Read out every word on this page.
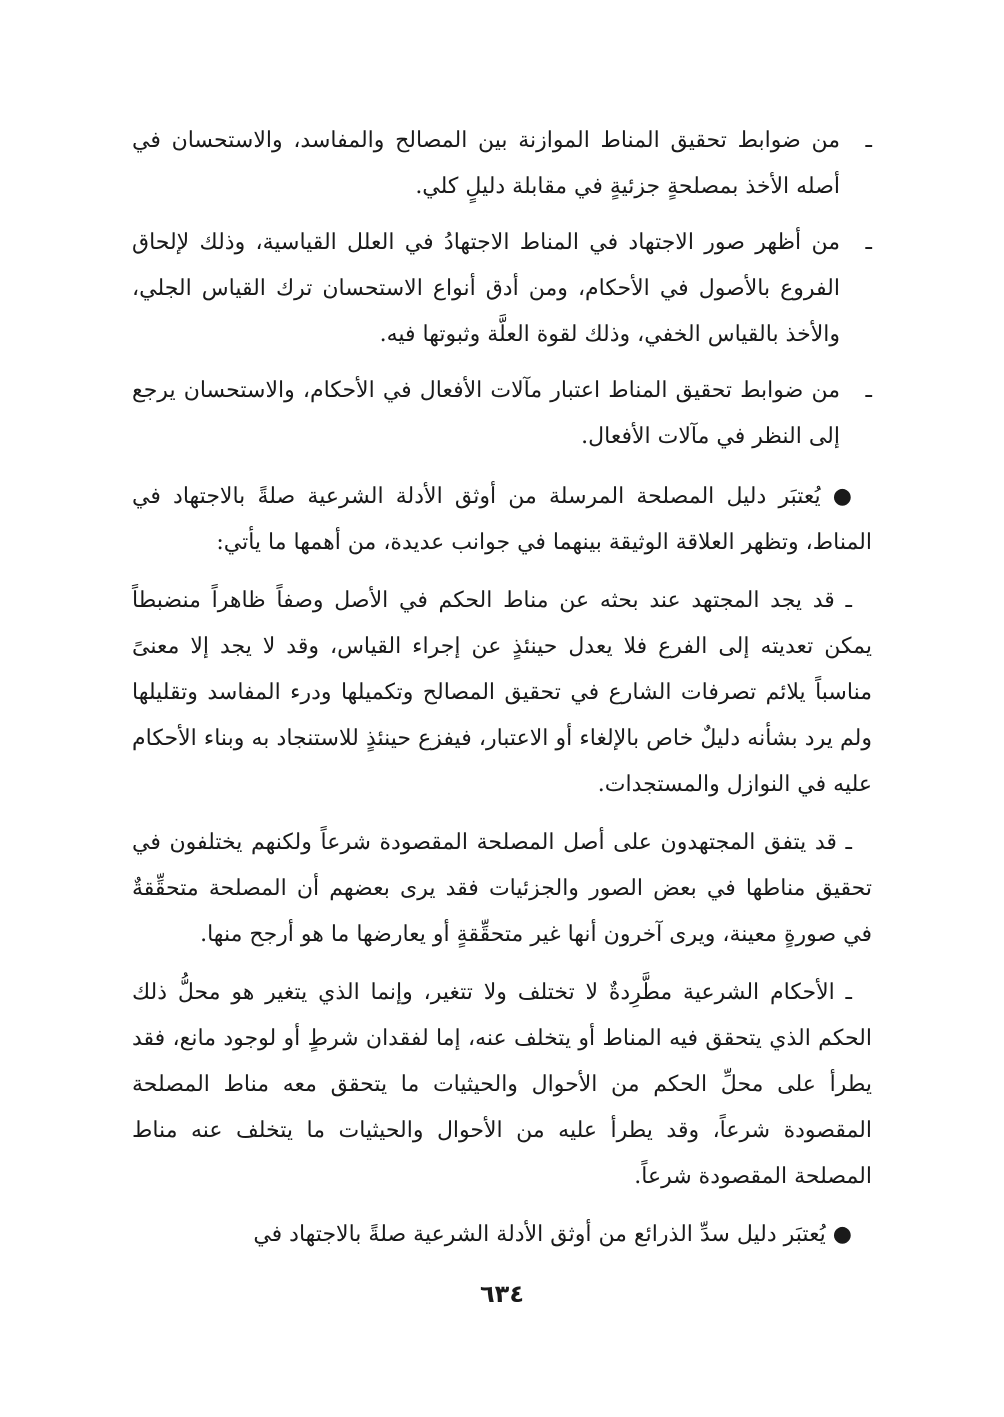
ـ
من ضوابط تحقيق المناط الموازنة بين المصالح والمفاسد، والاستحسان في أصله الأخذ بمصلحةٍ جزئيةٍ في مقابلة دليلٍ كلي.
ـ
من أظهر صور الاجتهاد في المناط الاجتهادُ في العلل القياسية، وذلك لإلحاق الفروع بالأصول في الأحكام، ومن أدق أنواع الاستحسان ترك القياس الجلي، والأخذ بالقياس الخفي، وذلك لقوة العلَّة وثبوتها فيه.
ـ
من ضوابط تحقيق المناط اعتبار مآلات الأفعال في الأحكام، والاستحسان يرجع إلى النظر في مآلات الأفعال.

● يُعتبَر دليل المصلحة المرسلة من أوثق الأدلة الشرعية صلةً بالاجتهاد في المناط، وتظهر العلاقة الوثيقة بينهما في جوانب عديدة، من أهمها ما يأتي:

ـ قد يجد المجتهد عند بحثه عن مناط الحكم في الأصل وصفاً ظاهراً منضبطاً يمكن تعديته إلى الفرع فلا يعدل حينئذٍ عن إجراء القياس، وقد لا يجد إلا معنىً مناسباً يلائم تصرفات الشارع في تحقيق المصالح وتكميلها ودرء المفاسد وتقليلها ولم يرد بشأنه دليلٌ خاص بالإلغاء أو الاعتبار، فيفزع حينئذٍ للاستنجاد به وبناء الأحكام عليه في النوازل والمستجدات.

ـ قد يتفق المجتهدون على أصل المصلحة المقصودة شرعاً ولكنهم يختلفون في تحقيق مناطها في بعض الصور والجزئيات فقد يرى بعضهم أن المصلحة متحقِّقةٌ في صورةٍ معينة، ويرى آخرون أنها غير متحقِّقةٍ أو يعارضها ما هو أرجح منها.

ـ الأحكام الشرعية مطَّرِدةٌ لا تختلف ولا تتغير، وإنما الذي يتغير هو محلُّ ذلك الحكم الذي يتحقق فيه المناط أو يتخلف عنه، إما لفقدان شرطٍ أو لوجود مانع، فقد يطرأ على محلِّ الحكم من الأحوال والحيثيات ما يتحقق معه مناط المصلحة المقصودة شرعاً، وقد يطرأ عليه من الأحوال والحيثيات ما يتخلف عنه مناط المصلحة المقصودة شرعاً.

● يُعتبَر دليل سدِّ الذرائع من أوثق الأدلة الشرعية صلةً بالاجتهاد في

٦٣٤
